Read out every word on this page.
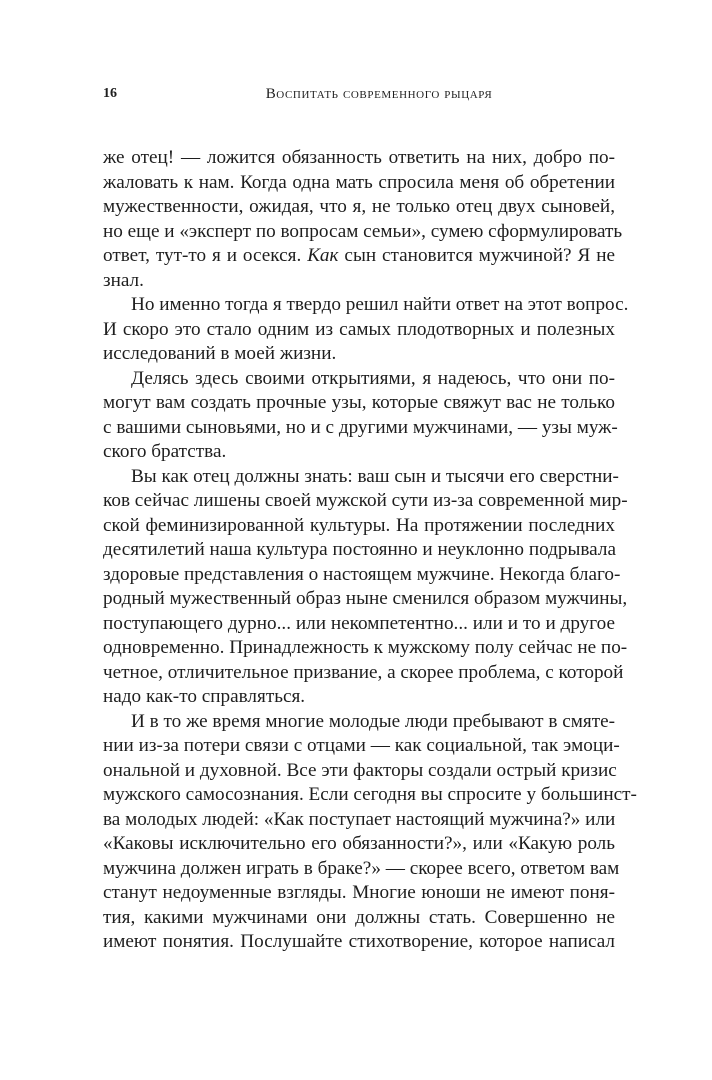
16	Воспитать современного рыцаря
же отец! — ложится обязанность ответить на них, добро по-
жаловать к нам. Когда одна мать спросила меня об обретении
мужественности, ожидая, что я, не только отец двух сыновей,
но еще и «эксперт по вопросам семьи», сумею сформулировать
ответ, тут-то я и осекся. Как сын становится мужчиной? Я не
знал.
Но именно тогда я твердо решил найти ответ на этот вопрос.
И скоро это стало одним из самых плодотворных и полезных
исследований в моей жизни.
Делясь здесь своими открытиями, я надеюсь, что они по-
могут вам создать прочные узы, которые свяжут вас не только
с вашими сыновьями, но и с другими мужчинами, — узы муж-
ского братства.
Вы как отец должны знать: ваш сын и тысячи его сверстни-
ков сейчас лишены своей мужской сути из-за современной мир-
ской феминизированной культуры. На протяжении последних
десятилетий наша культура постоянно и неуклонно подрывала
здоровые представления о настоящем мужчине. Некогда благо-
родный мужественный образ ныне сменился образом мужчины,
поступающего дурно... или некомпетентно... или и то и другое
одновременно. Принадлежность к мужскому полу сейчас не по-
четное, отличительное призвание, а скорее проблема, с которой
надо как-то справляться.
И в то же время многие молодые люди пребывают в смяте-
нии из-за потери связи с отцами — как социальной, так эмоци-
ональной и духовной. Все эти факторы создали острый кризис
мужского самосознания. Если сегодня вы спросите у большинст-
ва молодых людей: «Как поступает настоящий мужчина?» или
«Каковы исключительно его обязанности?», или «Какую роль
мужчина должен играть в браке?» — скорее всего, ответом вам
станут недоуменные взгляды. Многие юноши не имеют поня-
тия, какими мужчинами они должны стать. Совершенно не
имеют понятия. Послушайте стихотворение, которое написал
